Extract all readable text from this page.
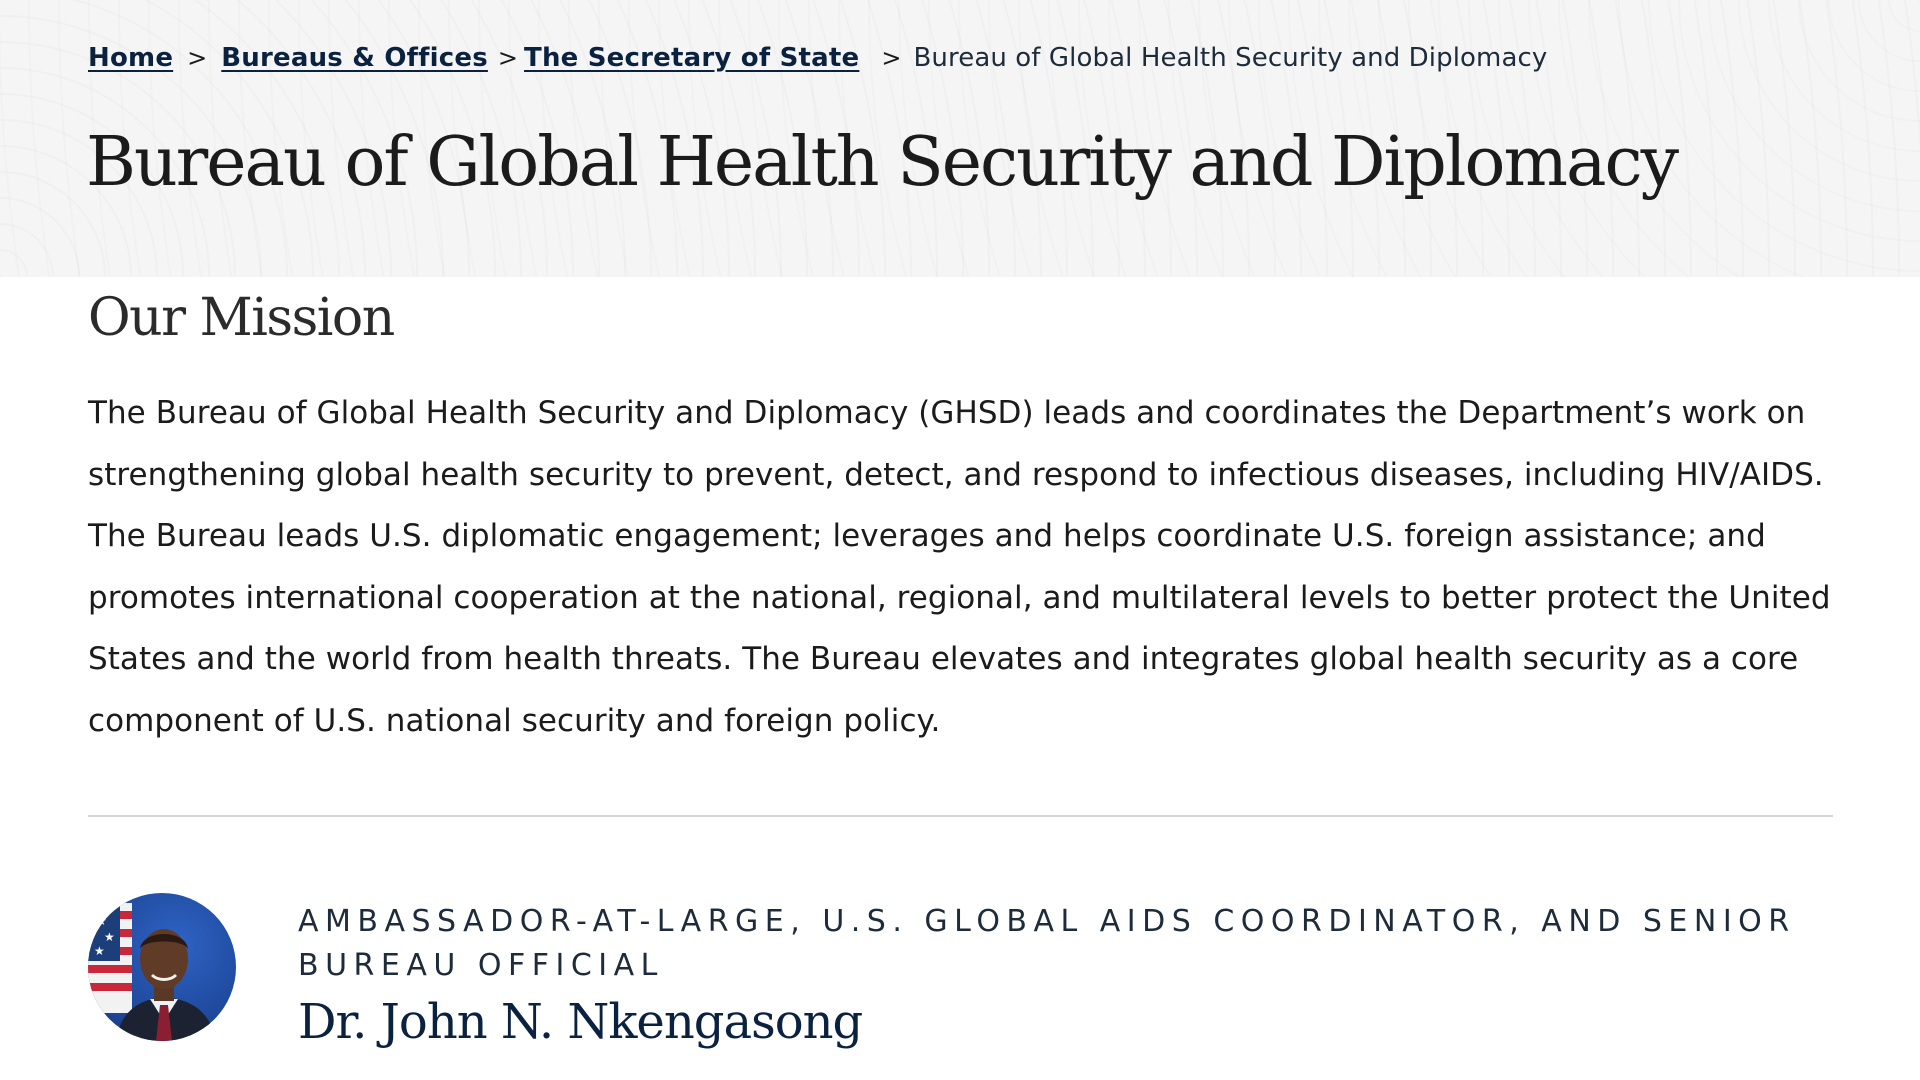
Home > Bureaus & Offices > The Secretary of State > Bureau of Global Health Security and Diplomacy
Bureau of Global Health Security and Diplomacy
Our Mission

The Bureau of Global Health Security and Diplomacy (GHSD) leads and coordinates the Department’s work on strengthening global health security to prevent, detect, and respond to infectious diseases, including HIV/AIDS. The Bureau leads U.S. diplomatic engagement; leverages and helps coordinate U.S. foreign assistance; and promotes international cooperation at the national, regional, and multilateral levels to better protect the United States and the world from health threats. The Bureau elevates and integrates global health security as a core component of U.S. national security and foreign policy.

★
★
★
AMBASSADOR-AT-LARGE, U.S. GLOBAL AIDS COORDINATOR, AND SENIOR BUREAU OFFICIAL
Dr. John N. Nkengasong
